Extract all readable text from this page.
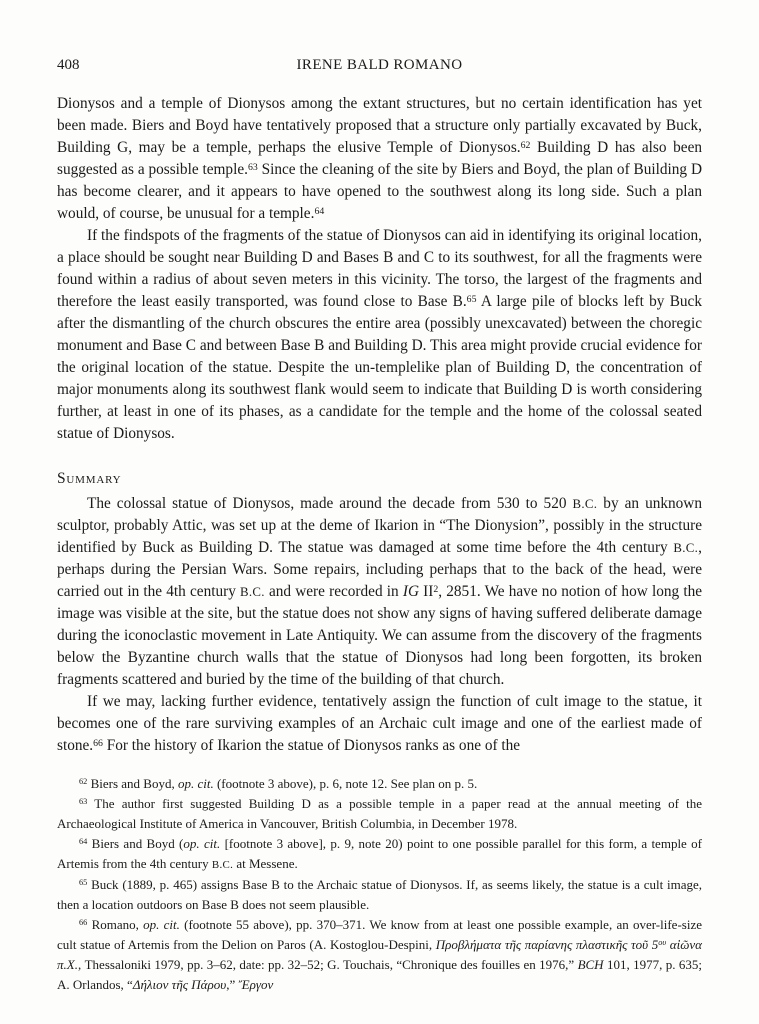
408	IRENE BALD ROMANO

Dionysos and a temple of Dionysos among the extant structures, but no certain identification has yet been made. Biers and Boyd have tentatively proposed that a structure only partially excavated by Buck, Building G, may be a temple, perhaps the elusive Temple of Dionysos.$^{62}$ Building D has also been suggested as a possible temple.$^{63}$ Since the cleaning of the site by Biers and Boyd, the plan of Building D has become clearer, and it appears to have opened to the southwest along its long side. Such a plan would, of course, be unusual for a temple.$^{64}$

If the findspots of the fragments of the statue of Dionysos can aid in identifying its original location, a place should be sought near Building D and Bases B and C to its southwest, for all the fragments were found within a radius of about seven meters in this vicinity. The torso, the largest of the fragments and therefore the least easily transported, was found close to Base B.$^{65}$ A large pile of blocks left by Buck after the dismantling of the church obscures the entire area (possibly unexcavated) between the choregic monument and Base C and between Base B and Building D. This area might provide crucial evidence for the original location of the statue. Despite the un-templelike plan of Building D, the concentration of major monuments along its southwest flank would seem to indicate that Building D is worth considering further, at least in one of its phases, as a candidate for the temple and the home of the colossal seated statue of Dionysos.

Summary

The colossal statue of Dionysos, made around the decade from 530 to 520 B.C. by an unknown sculptor, probably Attic, was set up at the deme of Ikarion in “The Dionysion”, possibly in the structure identified by Buck as Building D. The statue was damaged at some time before the 4th century B.C., perhaps during the Persian Wars. Some repairs, including perhaps that to the back of the head, were carried out in the 4th century B.C. and were recorded in IG $II^2$, 2851. We have no notion of how long the image was visible at the site, but the statue does not show any signs of having suffered deliberate damage during the iconoclastic movement in Late Antiquity. We can assume from the discovery of the fragments below the Byzantine church walls that the statue of Dionysos had long been forgotten, its broken fragments scattered and buried by the time of the building of that church.

If we may, lacking further evidence, tentatively assign the function of cult image to the statue, it becomes one of the rare surviving examples of an Archaic cult image and one of the earliest made of stone.$^{66}$ For the history of Ikarion the statue of Dionysos ranks as one of the

$^{62}$ Biers and Boyd, op. cit. (footnote 3 above), p. 6, note 12. See plan on p. 5.

$^{63}$ The author first suggested Building D as a possible temple in a paper read at the annual meeting of the Archaeological Institute of America in Vancouver, British Columbia, in December 1978.

$^{64}$ Biers and Boyd (op. cit. [footnote 3 above], p. 9, note 20) point to one possible parallel for this form, a temple of Artemis from the 4th century B.C. at Messene.

$^{65}$ Buck (1889, p. 465) assigns Base B to the Archaic statue of Dionysos. If, as seems likely, the statue is a cult image, then a location outdoors on Base B does not seem plausible.

$^{66}$ Romano, op. cit. (footnote 55 above), pp. 370–371. We know from at least one possible example, an over-life-size cult statue of Artemis from the Delion on Paros (A. Kostoglou-Despini, Προβλήματα τῆς παρίανης πλαστικῆς τοῦ $5^{o\upsilon}$ αἰῶνα π.Χ., Thessaloniki 1979, pp. 3–62, date: pp. 32–52; G. Touchais, “Chronique des fouilles en 1976,” BCH 101, 1977, p. 635; A. Orlandos, “Δήλιον τῆς Πάρου,” Ἔργον
